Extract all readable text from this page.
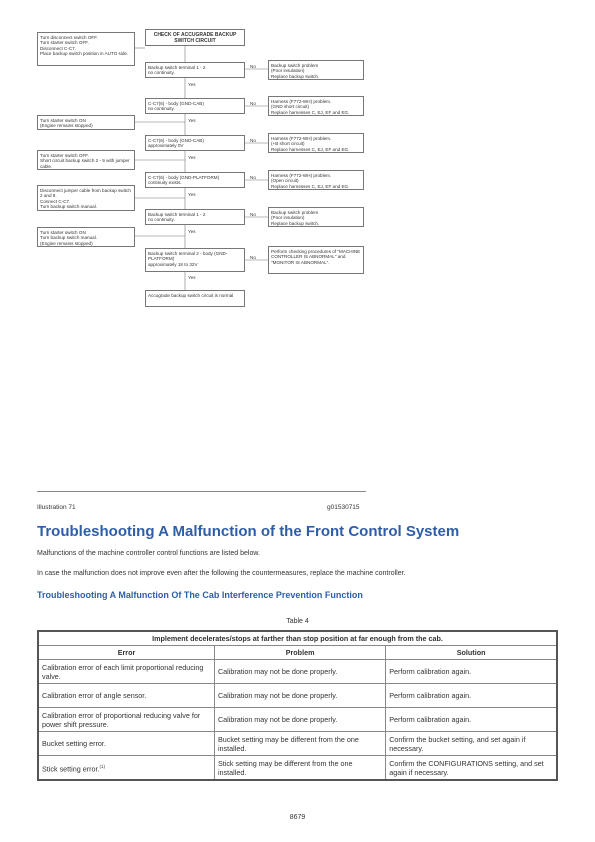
CHECK OF ACCUGRADE BACKUP SWITCH CIRCUIT
Turn disconnect switch OFF.
Turn starter switch OFF.
Disconnect C-C7.
Place backup switch position in AUTO side.
Turn starter switch ON
(Engine remains stopped)
Turn starter switch OFF.
Short circuit backup switch 2 - 9 with jumper cable.
Disconnect jumper cable from backup switch 2 and 9.
Connect C-C7.
Turn backup switch manual.
Turn starter switch ON
Turn backup switch manual.
(Engine remains stopped)
Backup switch terminal 1 - 2
no continuity.
C-C7(6) - body (GND-CAB)
no continuity.
C-C7(6) - body (GND-CAB)
approximately 0V
C-C7(6) - body (GND-PLATFORM)
continuity exists.
Backup switch terminal 1 - 2
no continuity.
Backup switch terminal 2 - body (GND-PLATFORM)
approximately 18 to 32V
Backup switch problem
(Poor insulation)
Replace backup switch.
Harness (F772-WH) problem.
(GND short circuit)
Replace harnesses C, EJ, EF and EG.
Harness (F772-WH) problem.
(+B short circuit)
Replace harnesses C, EJ, EF and EG.
Harness (F772-WH) problem.
(Open circuit)
Replace harnesses C, EJ, EF and EG.
Backup switch problem
(Poor insulation)
Replace backup switch.
Perform checking procedures of "MACHINE CONTROLLER IS ABNORMAL" and "MONITOR IS ABNORMAL".
Yes
Yes
Yes
Yes
Yes
Yes
No
No
No
No
No
No
Accugrade backup switch circuit is normal
Illustration 71	g01530715
Troubleshooting A Malfunction of the Front Control System
Malfunctions of the machine controller control functions are listed below.
In case the malfunction does not improve even after the following the countermeasures, replace the machine controller.
Troubleshooting A Malfunction Of The Cab Interference Prevention Function
Table 4
Implement decelerates/stops at farther than stop position at far enough from the cab.		
Error	Problem	Solution
Calibration error of each limit proportional reducing valve.	Calibration may not be done properly.	Perform calibration again.
Calibration error of angle sensor.	Calibration may not be done properly.	Perform calibration again.
Calibration error of proportional reducing valve for power shift pressure.	Calibration may not be done properly.	Perform calibration again.
Bucket setting error.	Bucket setting may be different from the one installed.	Confirm the bucket setting, and set again if necessary.
Stick setting error.$^{(1)}$	Stick setting may be different from the one installed.	Confirm the CONFIGURATIONS setting, and set again if necessary.
8679
